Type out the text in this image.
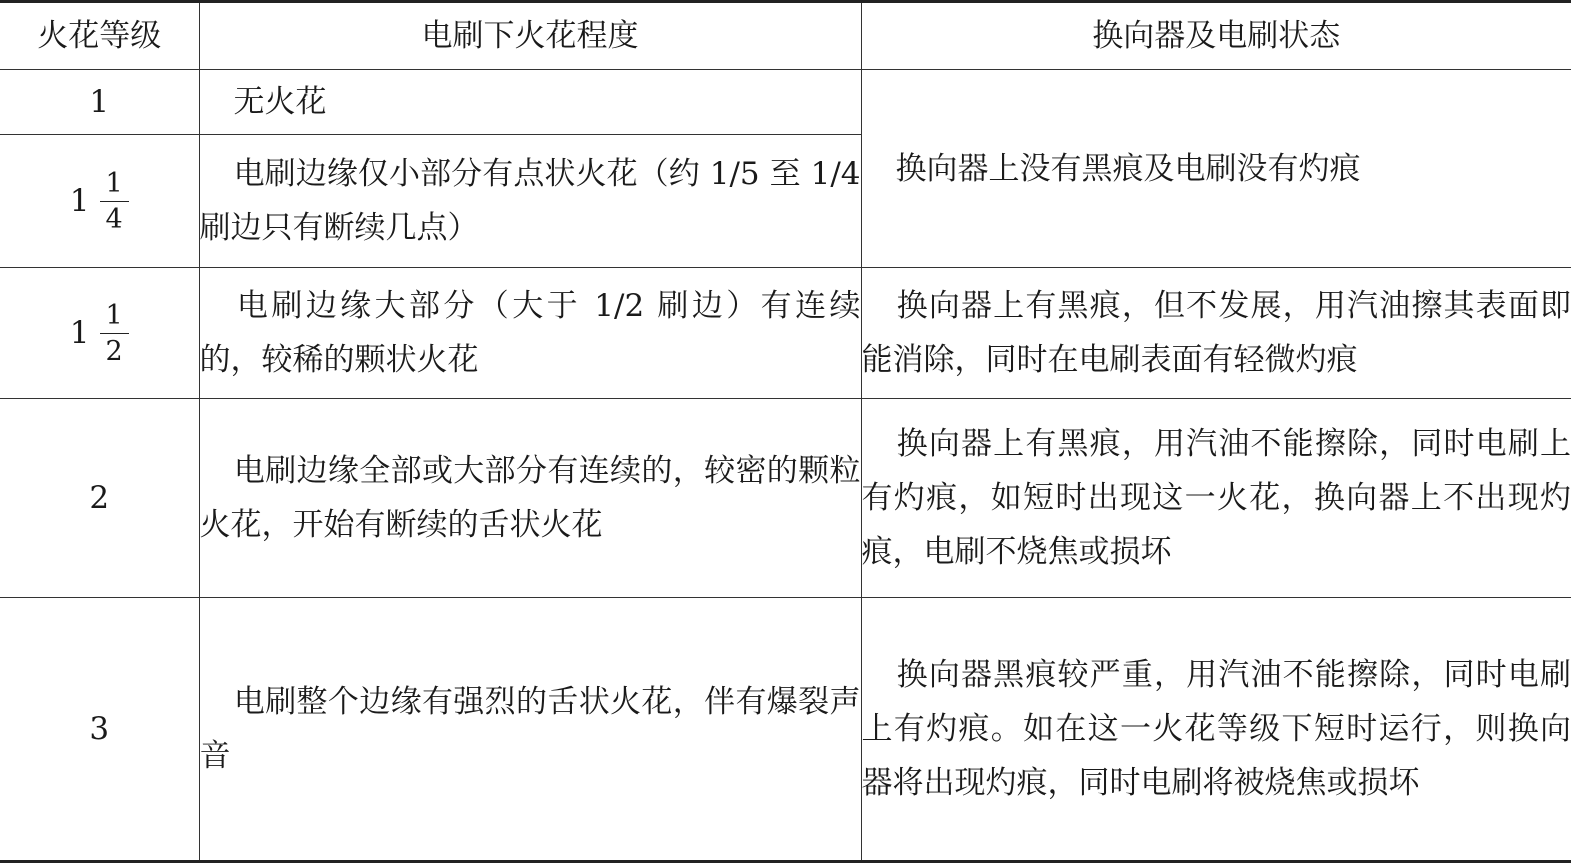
火花等级	电刷下火花程度	换向器及电刷状态
1	无火花	换向器上没有黑痕及电刷没有灼痕

$1 \frac{1}{4}$	电刷边缘仅小部分有点状火花（约 1/5 至 1/4 刷边只有断续几点）	

$1 \frac{1}{2}$	电刷边缘大部分（大于 1/2 刷边）有连续的，较稀的颗状火花	换向器上有黑痕，但不发展，用汽油擦其表面即能消除，同时在电刷表面有轻微灼痕
2	电刷边缘全部或大部分有连续的，较密的颗粒火花，开始有断续的舌状火花	换向器上有黑痕，用汽油不能擦除，同时电刷上有灼痕，如短时出现这一火花，换向器上不出现灼痕，电刷不烧焦或损坏
3	电刷整个边缘有强烈的舌状火花，伴有爆裂声音	换向器黑痕较严重，用汽油不能擦除，同时电刷上有灼痕。如在这一火花等级下短时运行，则换向器将出现灼痕，同时电刷将被烧焦或损坏
